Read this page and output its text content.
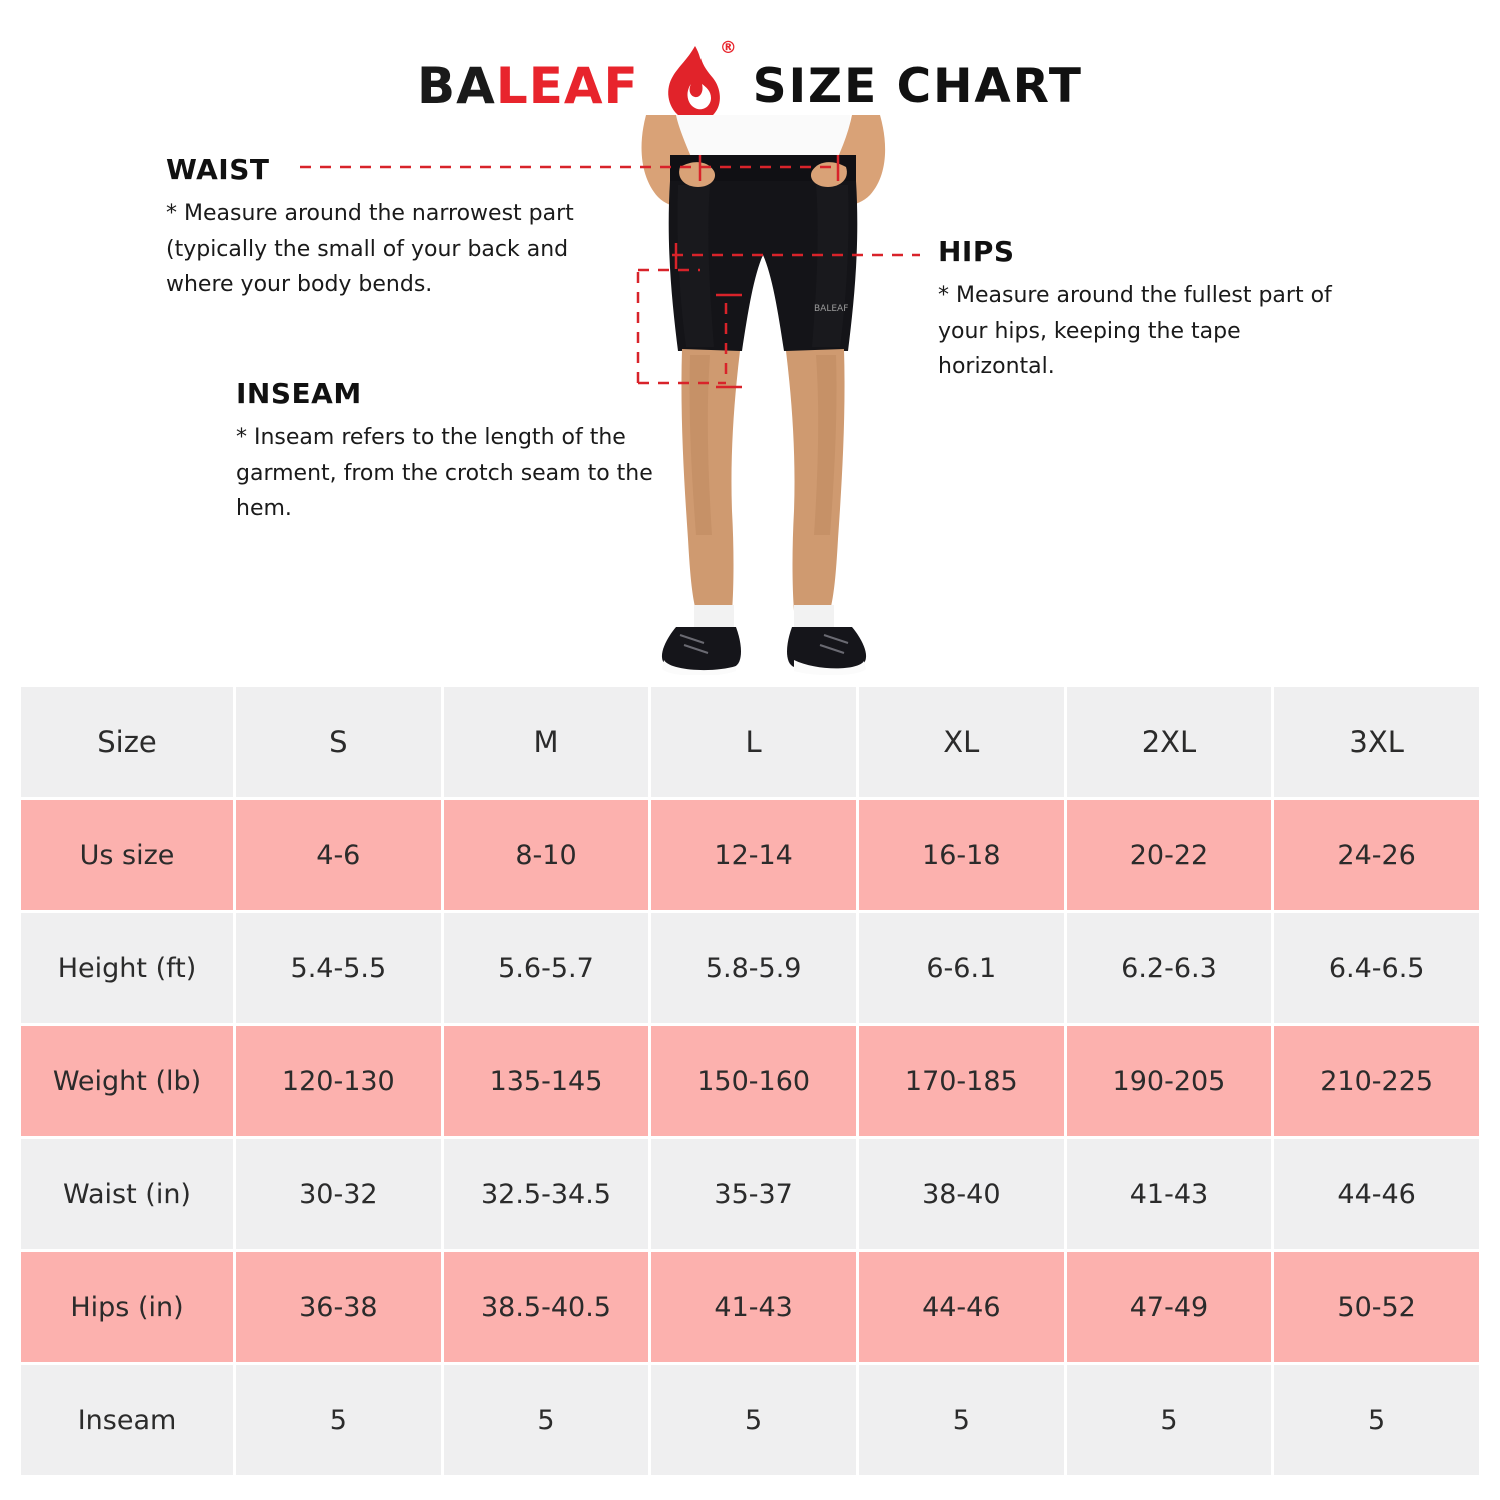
BA LEAF
®
SIZE CHART
BALEAF
WAIST
* Measure around the narrowest part (typically the small of your back and where your body bends.
INSEAM
* Inseam refers to the length of the garment, from the crotch seam to the hem.
HIPS
* Measure around the fullest part of your hips, keeping the tape horizontal.
Size	S	M	L	XL	2XL	3XL
Us size	4-6	8-10	12-14	16-18	20-22	24-26
Height (ft)	5.4-5.5	5.6-5.7	5.8-5.9	6-6.1	6.2-6.3	6.4-6.5
Weight (lb)	120-130	135-145	150-160	170-185	190-205	210-225
Waist (in)	30-32	32.5-34.5	35-37	38-40	41-43	44-46
Hips (in)	36-38	38.5-40.5	41-43	44-46	47-49	50-52
Inseam	5	5	5	5	5	5
